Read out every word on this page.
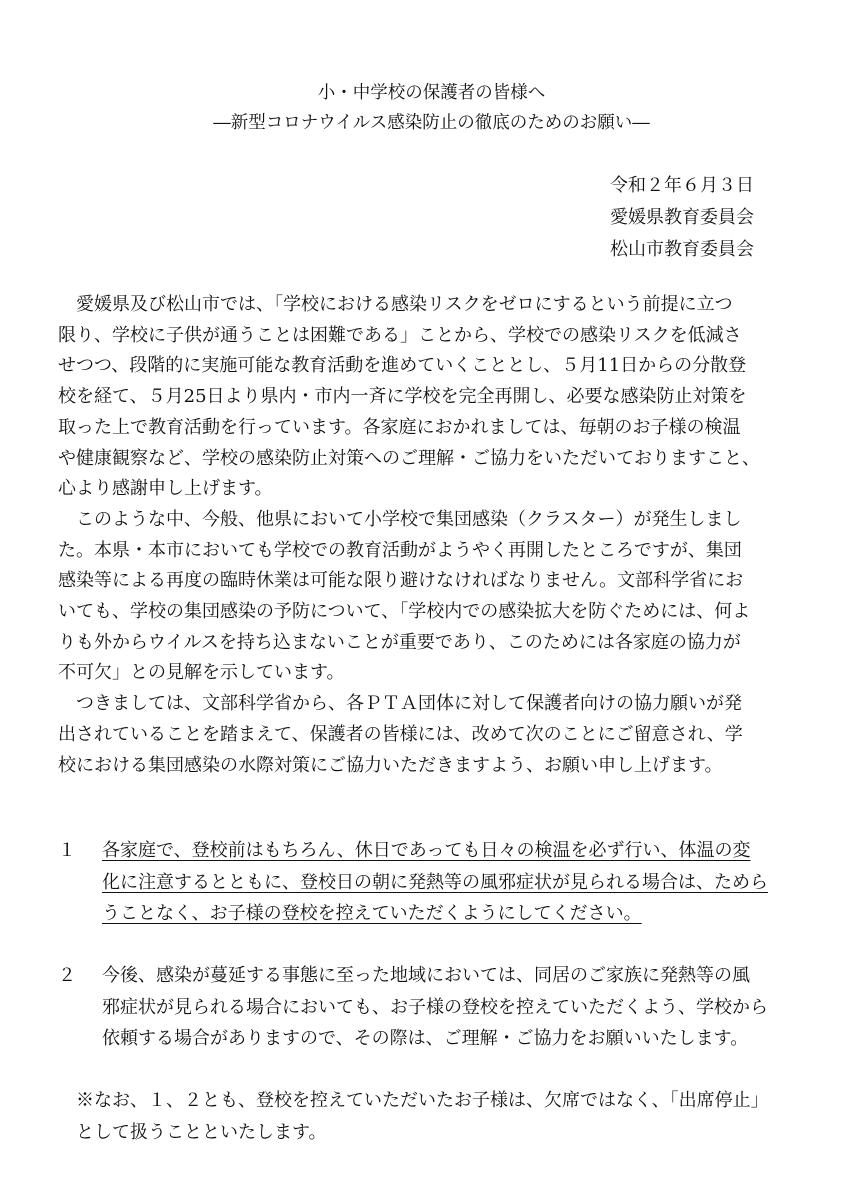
小・中学校の保護者の皆様へ

―新型コロナウイルス感染防止の徹底のためのお願い―

令和２年６月３日

愛媛県教育委員会

松山市教育委員会

愛媛県及び松山市では、「学校における感染リスクをゼロにするという前提に立つ
限り、学校に子供が通うことは困難である」ことから、学校での感染リスクを低減さ
せつつ、段階的に実施可能な教育活動を進めていくこととし、５月11日からの分散登
校を経て、５月25日より県内・市内一斉に学校を完全再開し、必要な感染防止対策を
取った上で教育活動を行っています。各家庭におかれましては、毎朝のお子様の検温
や健康観察など、学校の感染防止対策へのご理解・ご協力をいただいておりますこと、
心より感謝申し上げます。
このような中、今般、他県において小学校で集団感染（クラスター）が発生しまし
た。本県・本市においても学校での教育活動がようやく再開したところですが、集団
感染等による再度の臨時休業は可能な限り避けなければなりません。文部科学省にお
いても、学校の集団感染の予防について、「学校内での感染拡大を防ぐためには、何よ
りも外からウイルスを持ち込まないことが重要であり、このためには各家庭の協力が
不可欠」との見解を示しています。
つきましては、文部科学省から、各ＰＴＡ団体に対して保護者向けの協力願いが発
出されていることを踏まえて、保護者の皆様には、改めて次のことにご留意され、学
校における集団感染の水際対策にご協力いただきますよう、お願い申し上げます。
１ 各家庭で、登校前はもちろん、休日であっても日々の検温を必ず行い、体温の変
化に注意するとともに、登校日の朝に発熱等の風邪症状が見られる場合は、ためら
うことなく、お子様の登校を控えていただくようにしてください。
２ 今後、感染が蔓延する事態に至った地域においては、同居のご家族に発熱等の風
邪症状が見られる場合においても、お子様の登校を控えていただくよう、学校から
依頼する場合がありますので、その際は、ご理解・ご協力をお願いいたします。
※なお、１、２とも、登校を控えていただいたお子様は、欠席ではなく、「出席停止」
として扱うことといたします。
